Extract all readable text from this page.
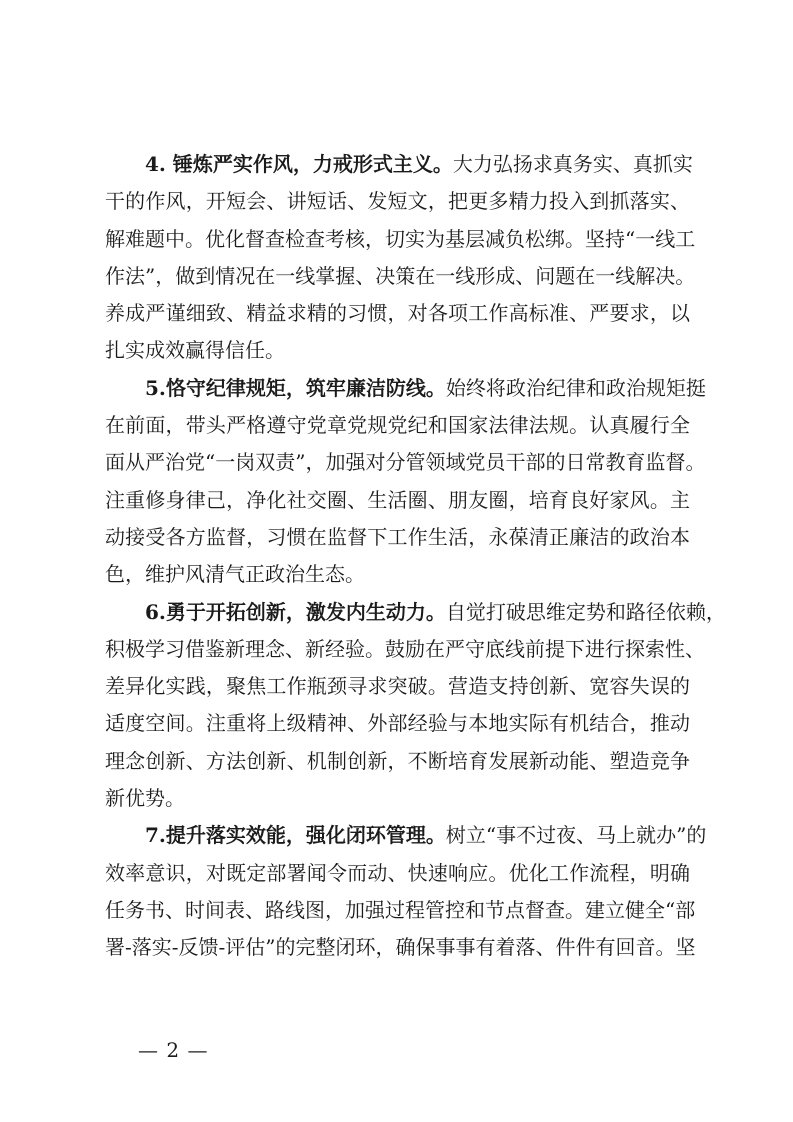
4. 锤炼严实作风，力戒形式主义。大力弘扬求真务实、真抓实
干的作风，开短会、讲短话、发短文，把更多精力投入到抓落实、
解难题中。优化督查检查考核，切实为基层减负松绑。坚持“一线工
作法”，做到情况在一线掌握、决策在一线形成、问题在一线解决。
养成严谨细致、精益求精的习惯，对各项工作高标准、严要求，以
扎实成效赢得信任。
5.恪守纪律规矩，筑牢廉洁防线。始终将政治纪律和政治规矩挺
在前面，带头严格遵守党章党规党纪和国家法律法规。认真履行全
面从严治党“一岗双责”，加强对分管领域党员干部的日常教育监督。
注重修身律己，净化社交圈、生活圈、朋友圈，培育良好家风。主
动接受各方监督，习惯在监督下工作生活，永葆清正廉洁的政治本
色，维护风清气正政治生态。
6.勇于开拓创新，激发内生动力。自觉打破思维定势和路径依赖，
积极学习借鉴新理念、新经验。鼓励在严守底线前提下进行探索性、
差异化实践，聚焦工作瓶颈寻求突破。营造支持创新、宽容失误的
适度空间。注重将上级精神、外部经验与本地实际有机结合，推动
理念创新、方法创新、机制创新，不断培育发展新动能、塑造竞争
新优势。
7.提升落实效能，强化闭环管理。树立“事不过夜、马上就办”的
效率意识，对既定部署闻令而动、快速响应。优化工作流程，明确
任务书、时间表、路线图，加强过程管控和节点督查。建立健全“部
署-落实-反馈-评估”的完整闭环，确保事事有着落、件件有回音。坚
— 2 —
